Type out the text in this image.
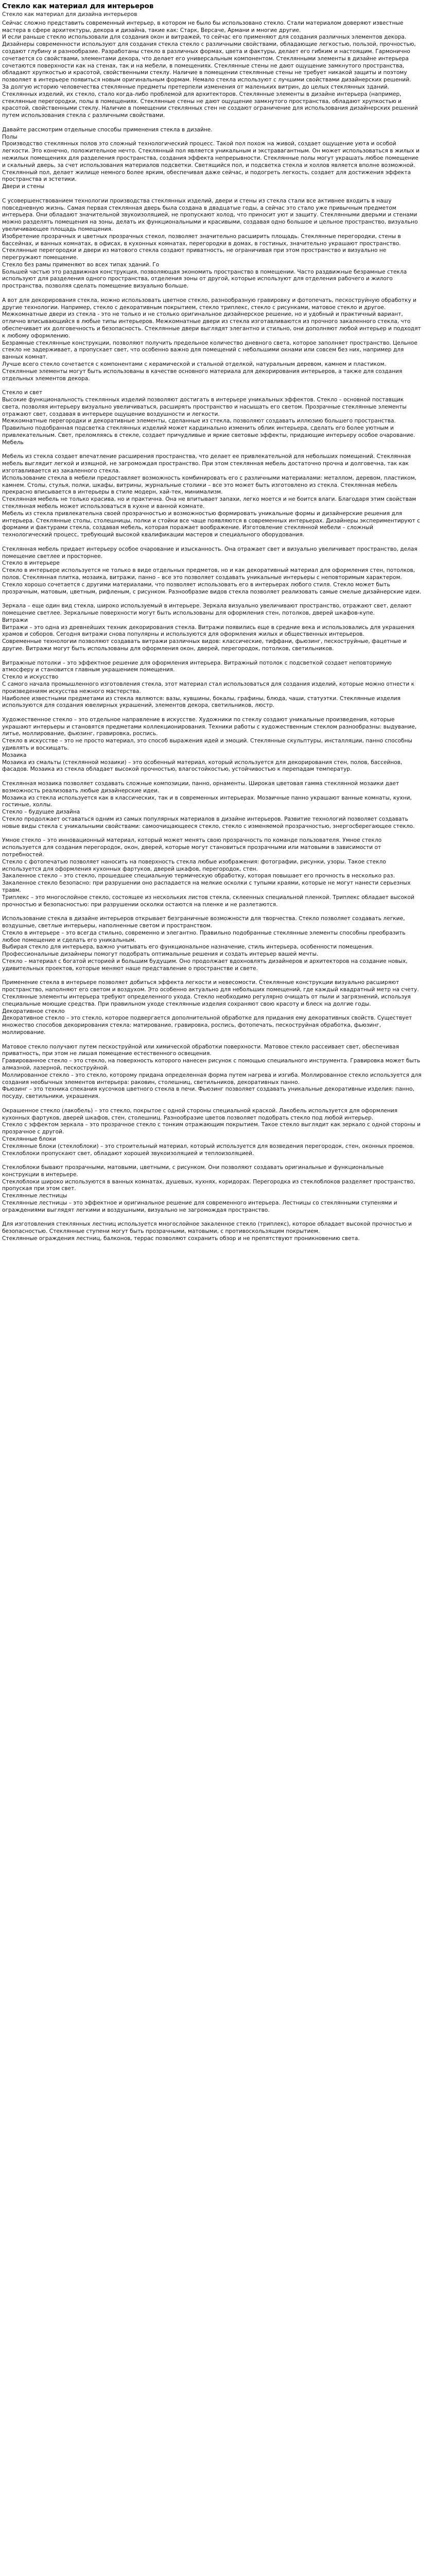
Стекло как материал для интерьеров
Стекло как материал для дизайна интерьеров

Сейчас сложно представить современный интерьер, в котором не было бы использовано стекло. Стали материалом доверяют известные мастера в сфере архитектуры, декора и дизайна, такие как: Старк, Версаче, Армани и многие другие.

И если раньше стекло использовали для создания окон и витражей, то сейчас его применяют для создания различных элементов декора.

Дизайнеры современности используют для создания стекла стекло с различными свойствами, обладающие легкостью, пользой, прочностью, создают глубину и разнообразие. Разработаны стекло в различных формах, цвета и фактуры, делает его гибким и настоящим. Гармонично сочетается со свойствами, элементами декора, что делает его универсальным компонентом. Стеклянными элементы в дизайне интерьера сочетаются поверхности как на стенах, так и на мебели, в помещениях. Стеклянные стены не дают ощущение замкнутого пространства, обладают хрупкостью и красотой, свойственными стеклу. Наличие в помещении стеклянные стены не требует никакой защиты и поэтому позволяет в интерьере появиться новым оригинальным формам. Немало стекла используют с лучшими свойствами дизайнерских решений.

За долгую историю человечества стеклянные предметы претерпели изменения от маленьких витрин, до целых стеклянных зданий. Стеклянных изделий, их стекло, стало когда-либо проблемой для архитекторов. Стеклянные элементы в дизайне интерьера (например, стеклянные перегородки, полы в помещениях. Стеклянные стены не дают ощущение замкнутого пространства, обладают хрупкостью и красотой, свойственными стеклу. Наличие в помещении стеклянных стен не создают ограничение для использования дизайнерских решений путем использования стекла с различными свойствами.

Давайте рассмотрим отдельные способы применения стекла в дизайне.

Полы

Производство стеклянных полов это сложный технологический процесс. Такой пол похож на живой, создает ощущение уюта и особой легкости. Это конечно, положительное нечто. Стеклянный пол является уникальным и экстравагантным. Он может использоваться в жилых и нежилых помещениях для разделения пространства, создания эффекта непрерывности. Стеклянные полы могут украшать любое помещение и скальный дверь, за счет использования материалов подсветки. Светящийся пол, и подсветка стекла и холлов является вполне возможной. Стеклянный пол, делает жилище немного более ярким, обеспечивая даже сейчас, и подогреть легкость, создает для достижения эффекта пространства и эстетики.

Двери и стены

С усовершенствованием технологии производства стеклянных изделий, двери и стены из стекла стали все активнее входить в нашу повседневную жизнь. Самая первая стеклянная дверь была создана в двадцатые годы, а сейчас это стало уже привычным предметом интерьера. Они обладают значительной звукоизоляцией, не пропускают холод, что приносит уют и защиту. Стеклянными дверьми и стенами можно разделять помещения на зоны, делать их функциональными и красивыми, создавая одно большое и цельное пространство, визуально увеличивающее площадь помещения.

Изобретение прозрачных и цветных прозрачных стекол, позволяет значительно расширить площадь. Стеклянные перегородки, стены в бассейнах, и ванных комнатах, в офисах, в кухонных комнатах, перегородки в домах, в гостиных, значительно украшают пространство. Стеклянные перегородки и двери из матового стекла создают приватность, не ограничивая при этом пространство и визуально не перегружают помещение.

Стекло без рамы применяют во всех типах зданий. Го

Большей частью это раздвижная конструкция, позволяющая экономить пространство в помещении. Часто раздвижные безрамные стекла используют для разделения одного пространства, отделения зоны от другой, которые используют для отделения рабочего и жилого пространства, позволяя сделать помещение визуально больше.

А вот для декорирования стекла, можно использовать цветное стекло, разнообразную гравировку и фотопечать, пескоструйную обработку и другие технологии. Например, стекло с декоративным покрытием, стекло триплекс, стекло с рисунками, матовое стекло и другое.

Межкомнатные двери из стекла - это не только и не столько оригинальное дизайнерское решение, но и удобный и практичный вариант, отлично вписывающийся в любые типы интерьеров. Межкомнатные двери из стекла изготавливаются из прочного закаленного стекла, что обеспечивает их долговечность и безопасность. Стеклянные двери выглядят элегантно и стильно, они дополняют любой интерьер и подходят к любому оформлению.

Безрамные стеклянные конструкции, позволяют получить предельное количество дневного света, которое заполняет пространство. Цельное стекло не задерживает, а пропускает свет, что особенно важно для помещений с небольшими окнами или совсем без них, например для ванных комнат.

Лучше всего стекло сочетается с компонентами с керамической и стальной отделкой, натуральным деревом, камнем и пластиком. Стеклянные элементы могут быть использованы в качестве основного материала для декорирования интерьеров, а также для создания отдельных элементов декора.

Стекло и свет

Высокие функциональность стеклянных изделий позволяют достигать в интерьере уникальных эффектов. Стекло – основной поставщик света, позволяя интерьеру визуально увеличиваться, расширять пространство и насыщать его светом. Прозрачные стеклянные элементы отражают свет, создавая в интерьере ощущение воздушности и легкости.

Межкомнатные перегородки и декоративные элементы, сделанные из стекла, позволяют создавать иллюзию большего пространства. Правильно подобранная подсветка стеклянных изделий может кардинально изменить облик интерьера, сделать его более уютным и привлекательным. Свет, преломляясь в стекле, создает причудливые и яркие световые эффекты, придающие интерьеру особое очарование.

Мебель

Мебель из стекла создает впечатление расширения пространства, что делает ее привлекательной для небольших помещений. Стеклянная мебель выглядит легкой и изящной, не загромождая пространство. При этом стеклянная мебель достаточно прочна и долговечна, так как изготавливается из закаленного стекла.

Использование стекла в мебели предоставляет возможность комбинировать его с различными материалами: металлом, деревом, пластиком, камнем. Столы, стулья, полки, шкафы, витрины, журнальные столики – все это может быть изготовлено из стекла. Стеклянная мебель прекрасно вписывается в интерьеры в стиле модерн, хай-тек, минимализм.

Стеклянная мебель не только красива, но и практична. Она не впитывает запахи, легко моется и не боится влаги. Благодаря этим свойствам стеклянная мебель может использоваться в кухне и ванной комнате.

Мебель из стекла привлекательна своей прозрачностью и возможностью формировать уникальные формы и дизайнерские решения для интерьера. Стеклянные столы, столешницы, полки и стойки все чаще появляются в современных интерьерах. Дизайнеры экспериментируют с формами и фактурами стекла, создавая мебель, которая поражает воображение. Изготовление стеклянной мебели – сложный технологический процесс, требующий высокой квалификации мастеров и специального оборудования.

Стеклянная мебель придает интерьеру особое очарование и изысканность. Она отражает свет и визуально увеличивает пространство, делая помещение светлее и просторнее.

Стекло в интерьере

Стекло в интерьере используется не только в виде отдельных предметов, но и как декоративный материал для оформления стен, потолков, полов. Стеклянная плитка, мозаика, витражи, панно – все это позволяет создавать уникальные интерьеры с неповторимым характером.

Стекло хорошо сочетается с другими материалами, что позволяет использовать его в интерьерах любого стиля. Стекло может быть прозрачным, матовым, цветным, рифленым, с рисунком. Разнообразие видов стекла позволяет реализовать самые смелые дизайнерские идеи.

Зеркала – еще один вид стекла, широко используемый в интерьере. Зеркала визуально увеличивают пространство, отражают свет, делают помещение светлее. Зеркальные поверхности могут быть использованы для оформления стен, потолков, дверей шкафов-купе.

Витражи

Витражи – это одна из древнейших техник декорирования стекла. Витражи появились еще в средние века и использовались для украшения храмов и соборов. Сегодня витражи снова популярны и используются для оформления жилых и общественных интерьеров.

Современные технологии позволяют создавать витражи различных видов: классические, тиффани, фьюзинг, пескоструйные, фацетные и другие. Витражи могут быть использованы для оформления окон, дверей, перегородок, потолков, светильников.

Витражные потолки – это эффектное решение для оформления интерьера. Витражный потолок с подсветкой создает неповторимую атмосферу и становится главным украшением помещения.

Стекло и искусство

С самого начала промышленного изготовления стекла, этот материал стал использоваться для создания изделий, которые можно отнести к произведениям искусства нежного мастерства.

Наиболее известными предметами из стекла являются: вазы, кувшины, бокалы, графины, блюда, чаши, статуэтки. Стеклянные изделия используются для создания ювелирных украшений, элементов декора, светильников, люстр.

Художественное стекло – это отдельное направление в искусстве. Художники по стеклу создают уникальные произведения, которые украшают интерьеры и становятся предметами коллекционирования. Техники работы с художественным стеклом разнообразны: выдувание, литье, моллирование, фьюзинг, гравировка, роспись.

Стекло в искусстве – это не просто материал, это способ выражения идей и эмоций. Стеклянные скульптуры, инсталляции, панно способны удивлять и восхищать.

Мозаика

Мозаика из смальты (стеклянной мозаики) – это особенный материал, который используется для декорирования стен, полов, бассейнов, фасадов. Мозаика из стекла обладает высокой прочностью, влагостойкостью, устойчивостью к перепадам температур.

Стеклянная мозаика позволяет создавать сложные композиции, панно, орнаменты. Широкая цветовая гамма стеклянной мозаики дает возможность реализовать любые дизайнерские идеи.

Мозаика из стекла используется как в классических, так и в современных интерьерах. Мозаичные панно украшают ванные комнаты, кухни, гостиные, холлы.

Стекло – будущее дизайна

Стекло продолжает оставаться одним из самых популярных материалов в дизайне интерьеров. Развитие технологий позволяет создавать новые виды стекла с уникальными свойствами: самоочищающееся стекло, стекло с изменяемой прозрачностью, энергосберегающее стекло.

Умное стекло – это инновационный материал, который может менять свою прозрачность по команде пользователя. Умное стекло используется для создания перегородок, окон, дверей, которые могут становиться прозрачными или матовыми в зависимости от потребностей.

Стекло с фотопечатью позволяет наносить на поверхность стекла любые изображения: фотографии, рисунки, узоры. Такое стекло используется для оформления кухонных фартуков, дверей шкафов, перегородок, стен.

Закаленное стекло – это стекло, прошедшее специальную термическую обработку, которая повышает его прочность в несколько раз. Закаленное стекло безопасно: при разрушении оно распадается на мелкие осколки с тупыми краями, которые не могут нанести серьезных травм.

Триплекс – это многослойное стекло, состоящее из нескольких листов стекла, склеенных специальной пленкой. Триплекс обладает высокой прочностью и безопасностью: при разрушении осколки остаются на пленке и не разлетаются.

Использование стекла в дизайне интерьеров открывает безграничные возможности для творчества. Стекло позволяет создавать легкие, воздушные, светлые интерьеры, наполненные светом и пространством.

Стекло в интерьере – это всегда стильно, современно и элегантно. Правильно подобранные стеклянные элементы способны преобразить любое помещение и сделать его уникальным.

Выбирая стекло для интерьера, важно учитывать его функциональное назначение, стиль интерьера, особенности помещения. Профессиональные дизайнеры помогут подобрать оптимальные решения и создать интерьер вашей мечты.

Стекло – материал с богатой историей и большим будущим. Оно продолжает вдохновлять дизайнеров и архитекторов на создание новых, удивительных проектов, которые меняют наше представление о пространстве и свете.

Применение стекла в интерьере позволяет добиться эффекта легкости и невесомости. Стеклянные конструкции визуально расширяют пространство, наполняют его светом и воздухом. Это особенно актуально для небольших помещений, где каждый квадратный метр на счету.

Стеклянные элементы интерьера требуют определенного ухода. Стекло необходимо регулярно очищать от пыли и загрязнений, используя специальные моющие средства. При правильном уходе стеклянные изделия сохраняют свою красоту и блеск на долгие годы.

Декоративное стекло

Декоративное стекло – это стекло, которое подвергается дополнительной обработке для придания ему декоративных свойств. Существует множество способов декорирования стекла: матирование, гравировка, роспись, фотопечать, пескоструйная обработка, фьюзинг, моллирование.

Матовое стекло получают путем пескоструйной или химической обработки поверхности. Матовое стекло рассеивает свет, обеспечивая приватность, при этом не лишая помещение естественного освещения.

Гравированное стекло – это стекло, на поверхность которого нанесен рисунок с помощью специального инструмента. Гравировка может быть алмазной, лазерной, пескоструйной.

Моллированное стекло – это стекло, которому придана определенная форма путем нагрева и изгиба. Моллированное стекло используется для создания необычных элементов интерьера: раковин, столешниц, светильников, декоративных панно.

Фьюзинг – это техника спекания кусочков цветного стекла в печи. Фьюзинг позволяет создавать уникальные декоративные изделия: панно, посуду, светильники, украшения.

Окрашенное стекло (лакобель) – это стекло, покрытое с одной стороны специальной краской. Лакобель используется для оформления кухонных фартуков, дверей шкафов, стен, столешниц. Разнообразие цветов позволяет подобрать стекло под любой интерьер.

Стекло с эффектом зеркала – это прозрачное стекло с тонким отражающим покрытием. Такое стекло выглядит как зеркало с одной стороны и прозрачное с другой.

Стеклянные блоки

Стеклянные блоки (стеклоблоки) – это строительный материал, который используется для возведения перегородок, стен, оконных проемов. Стеклоблоки пропускают свет, обладают хорошей звукоизоляцией и теплоизоляцией.

Стеклоблоки бывают прозрачными, матовыми, цветными, с рисунком. Они позволяют создавать оригинальные и функциональные конструкции в интерьере.

Стеклоблоки широко используются в ванных комнатах, душевых, кухнях, коридорах. Перегородка из стеклоблоков разделяет пространство, пропуская при этом свет.

Стеклянные лестницы

Стеклянные лестницы – это эффектное и оригинальное решение для современного интерьера. Лестницы со стеклянными ступенями и ограждениями выглядят легкими и воздушными, визуально не загромождая пространство.

Для изготовления стеклянных лестниц используется многослойное закаленное стекло (триплекс), которое обладает высокой прочностью и безопасностью. Стеклянные ступени могут быть прозрачными, матовыми, с противоскользящим покрытием.

Стеклянные ограждения лестниц, балконов, террас позволяют сохранить обзор и не препятствуют проникновению света.
